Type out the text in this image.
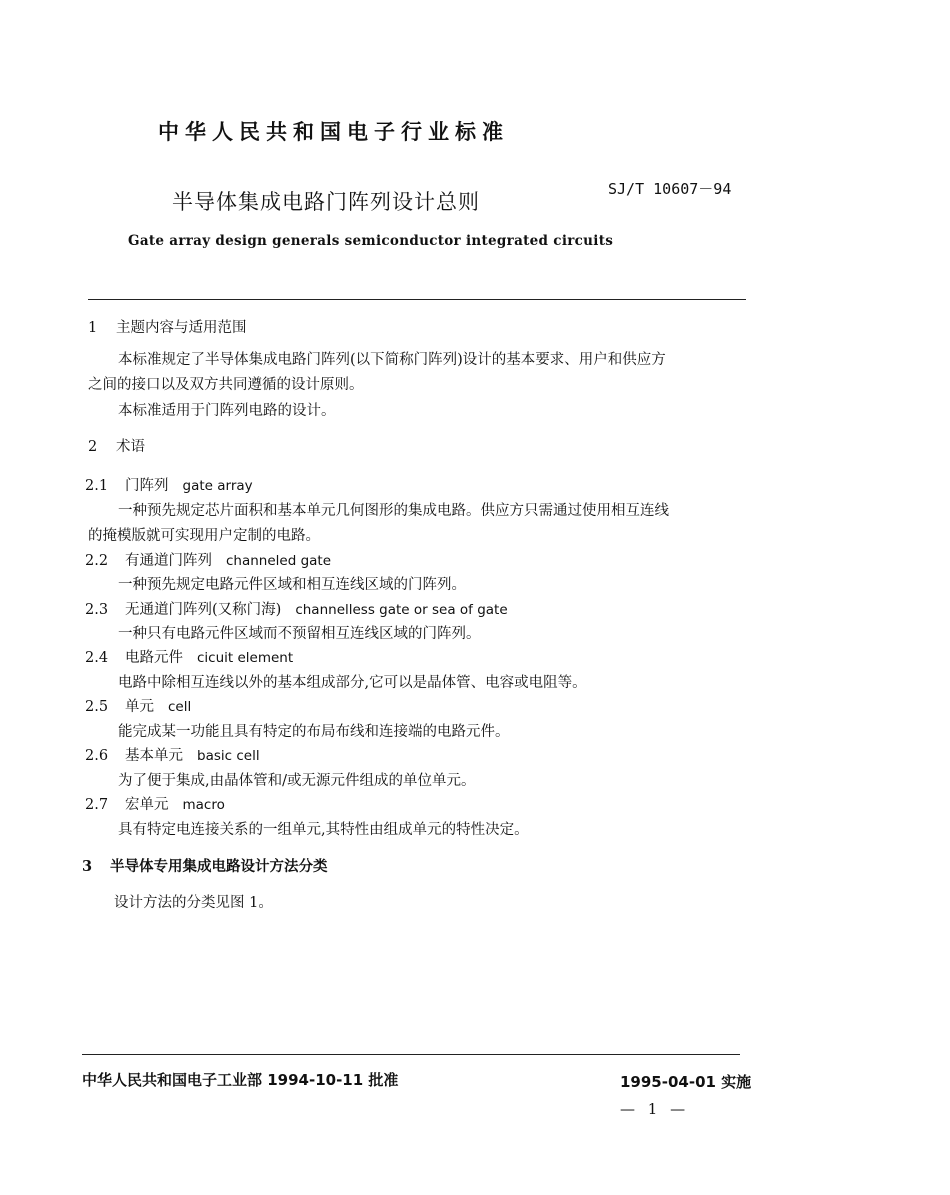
中华人民共和国电子行业标准
半导体集成电路门阵列设计总则
SJ/T 10607－94
Gate array design generals semiconductor integrated circuits
1 主题内容与适用范围
本标准规定了半导体集成电路门阵列(以下简称门阵列)设计的基本要求、用户和供应方
之间的接口以及双方共同遵循的设计原则。
本标准适用于门阵列电路的设计。
2 术语
2.1 门阵列 gate array
一种预先规定芯片面积和基本单元几何图形的集成电路。供应方只需通过使用相互连线
的掩模版就可实现用户定制的电路。
2.2 有通道门阵列 channeled gate
一种预先规定电路元件区域和相互连线区域的门阵列。
2.3 无通道门阵列(又称门海) channelless gate or sea of gate
一种只有电路元件区域而不预留相互连线区域的门阵列。
2.4 电路元件 cicuit element
电路中除相互连线以外的基本组成部分,它可以是晶体管、电容或电阻等。
2.5 单元 cell
能完成某一功能且具有特定的布局布线和连接端的电路元件。
2.6 基本单元 basic cell
为了便于集成,由晶体管和/或无源元件组成的单位单元。
2.7 宏单元 macro
具有特定电连接关系的一组单元,其特性由组成单元的特性决定。
3 半导体专用集成电路设计方法分类
设计方法的分类见图 1。
中华人民共和国电子工业部 1994-10-11 批准	1995-04-01 实施
— 1 —
